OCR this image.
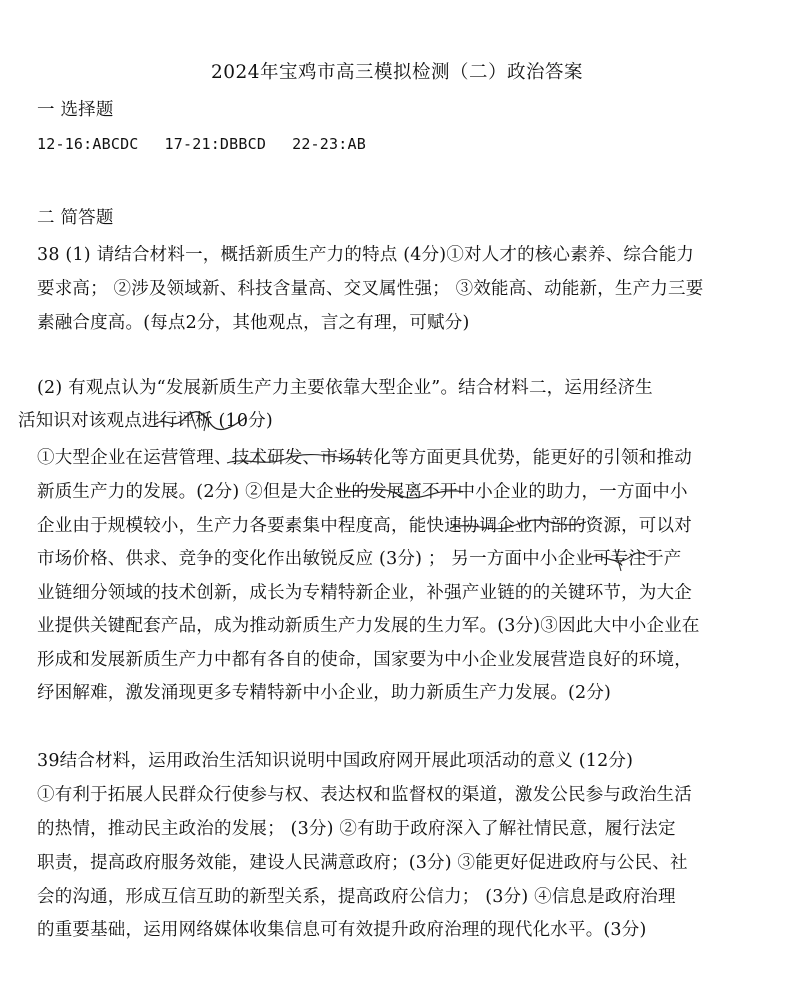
2024年宝鸡市高三模拟检测（二）政治答案
一 选择题
12-16:ABCDC 17-21:DBBCD 22-23:AB
二 简答题
38 (1) 请结合材料一，概括新质生产力的特点 (4分)①对人才的核心素养、综合能力
要求高； ②涉及领域新、科技含量高、交叉属性强； ③效能高、动能新，生产力三要
素融合度高。(每点2分，其他观点，言之有理，可赋分)
(2) 有观点认为“发展新质生产力主要依靠大型企业”。结合材料二，运用经济生
活知识对该观点进行评析 (10分)
①大型企业在运营管理、技术研发、市场转化等方面更具优势，能更好的引领和推动
新质生产力的发展。(2分) ②但是大企业的发展离不开中小企业的助力，一方面中小
企业由于规模较小，生产力各要素集中程度高，能快速协调企业内部的资源，可以对
市场价格、供求、竞争的变化作出敏锐反应 (3分) ； 另一方面中小企业可专注于产
业链细分领域的技术创新，成长为专精特新企业，补强产业链的的关键环节，为大企
业提供关键配套产品，成为推动新质生产力发展的生力军。(3分)③因此大中小企业在
形成和发展新质生产力中都有各自的使命，国家要为中小企业发展营造良好的环境，
纾困解难，激发涌现更多专精特新中小企业，助力新质生产力发展。(2分)
39结合材料，运用政治生活知识说明中国政府网开展此项活动的意义 (12分)
①有利于拓展人民群众行使参与权、表达权和监督权的渠道，激发公民参与政治生活
的热情，推动民主政治的发展； (3分) ②有助于政府深入了解社情民意，履行法定
职责，提高政府服务效能，建设人民满意政府；(3分) ③能更好促进政府与公民、社
会的沟通，形成互信互助的新型关系，提高政府公信力； (3分) ④信息是政府治理
的重要基础，运用网络媒体收集信息可有效提升政府治理的现代化水平。(3分)
